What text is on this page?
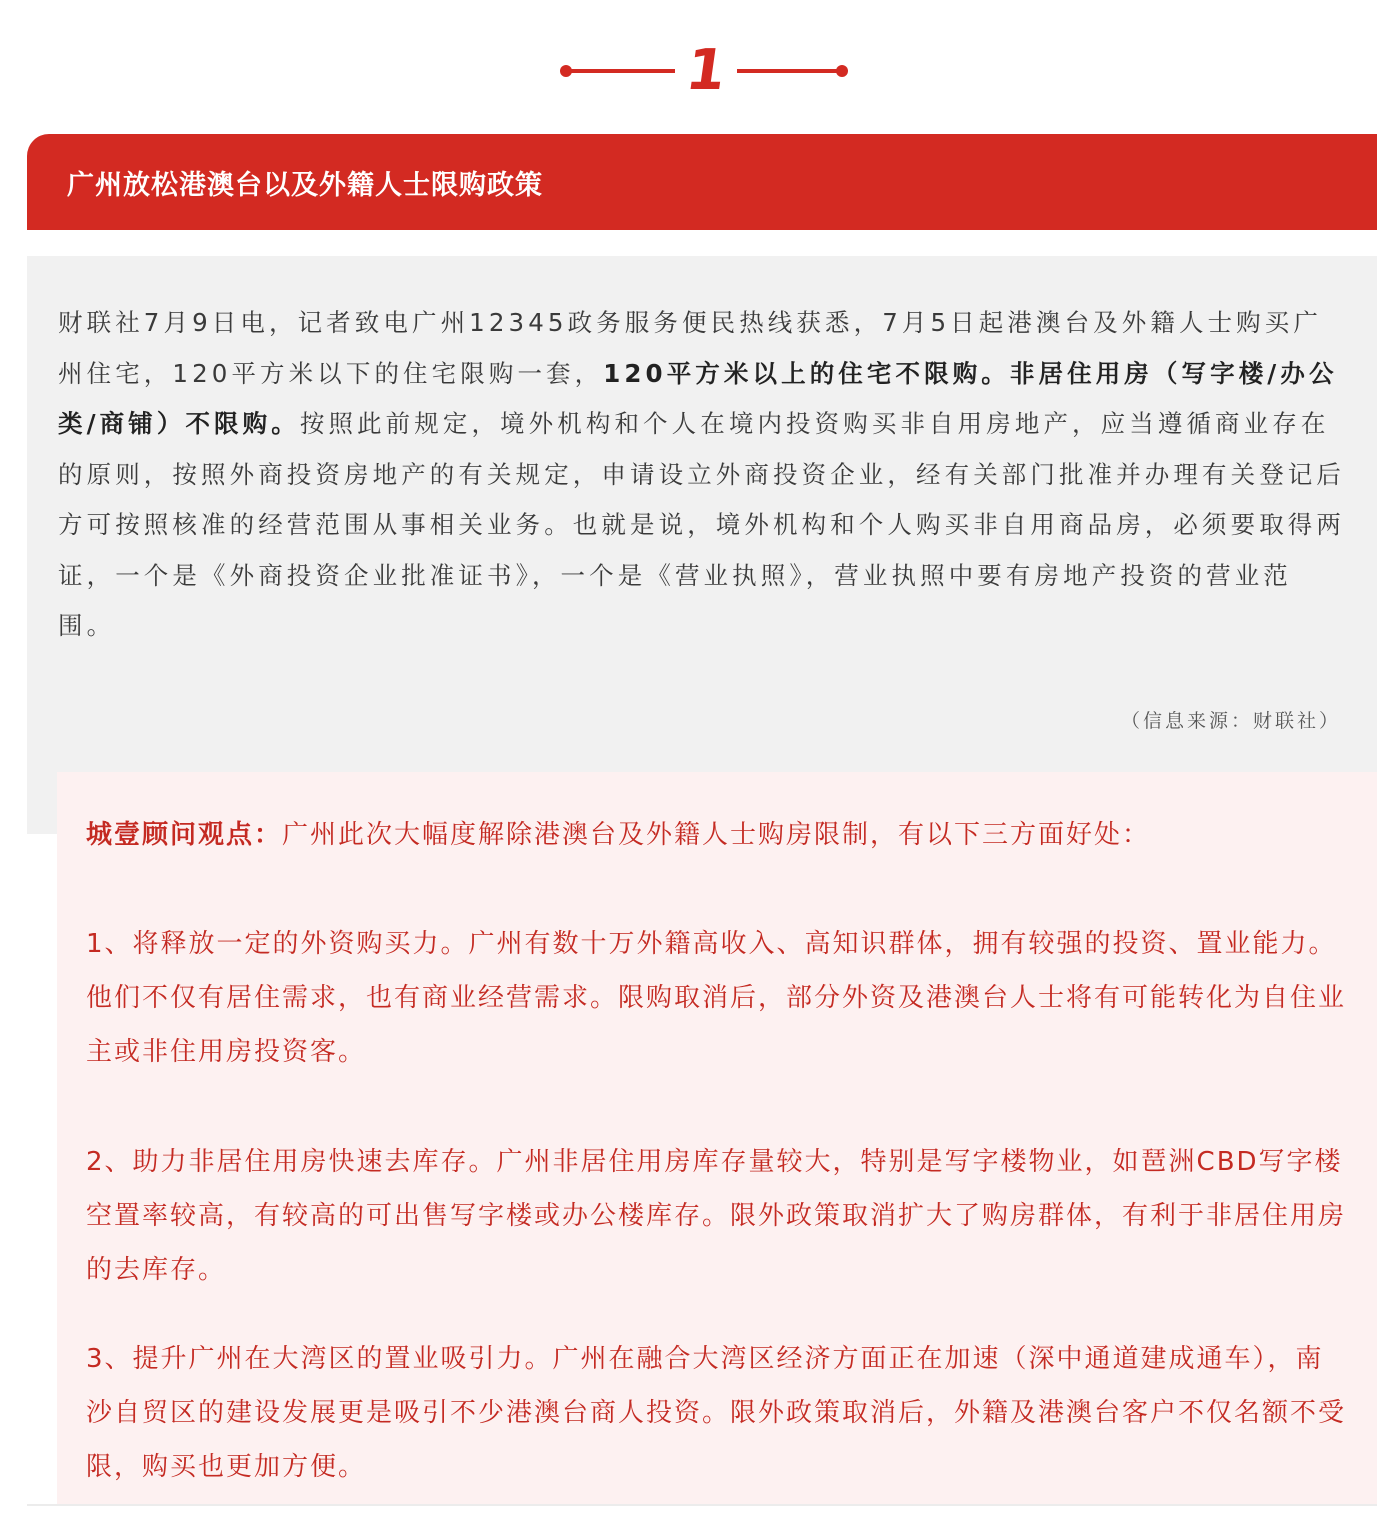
1
广州放松港澳台以及外籍人士限购政策

财联社7月9日电，记者致电广州12345政务服务便民热线获悉，7月5日起港澳台及外籍人士购买广州住宅，120平方米以下的住宅限购一套，120平方米以上的住宅不限购。非居住用房（写字楼/办公类/商铺）不限购。按照此前规定，境外机构和个人在境内投资购买非自用房地产，应当遵循商业存在的原则，按照外商投资房地产的有关规定，申请设立外商投资企业，经有关部门批准并办理有关登记后方可按照核准的经营范围从事相关业务。也就是说，境外机构和个人购买非自用商品房，必须要取得两证，一个是《外商投资企业批准证书》，一个是《营业执照》，营业执照中要有房地产投资的营业范围。

（信息来源：财联社）

城壹顾问观点：广州此次大幅度解除港澳台及外籍人士购房限制，有以下三方面好处：

1、将释放一定的外资购买力。广州有数十万外籍高收入、高知识群体，拥有较强的投资、置业能力。他们不仅有居住需求，也有商业经营需求。限购取消后，部分外资及港澳台人士将有可能转化为自住业主或非住用房投资客。

2、助力非居住用房快速去库存。广州非居住用房库存量较大，特别是写字楼物业，如琶洲CBD写字楼空置率较高，有较高的可出售写字楼或办公楼库存。限外政策取消扩大了购房群体，有利于非居住用房的去库存。

3、提升广州在大湾区的置业吸引力。广州在融合大湾区经济方面正在加速（深中通道建成通车），南沙自贸区的建设发展更是吸引不少港澳台商人投资。限外政策取消后，外籍及港澳台客户不仅名额不受限，购买也更加方便。
